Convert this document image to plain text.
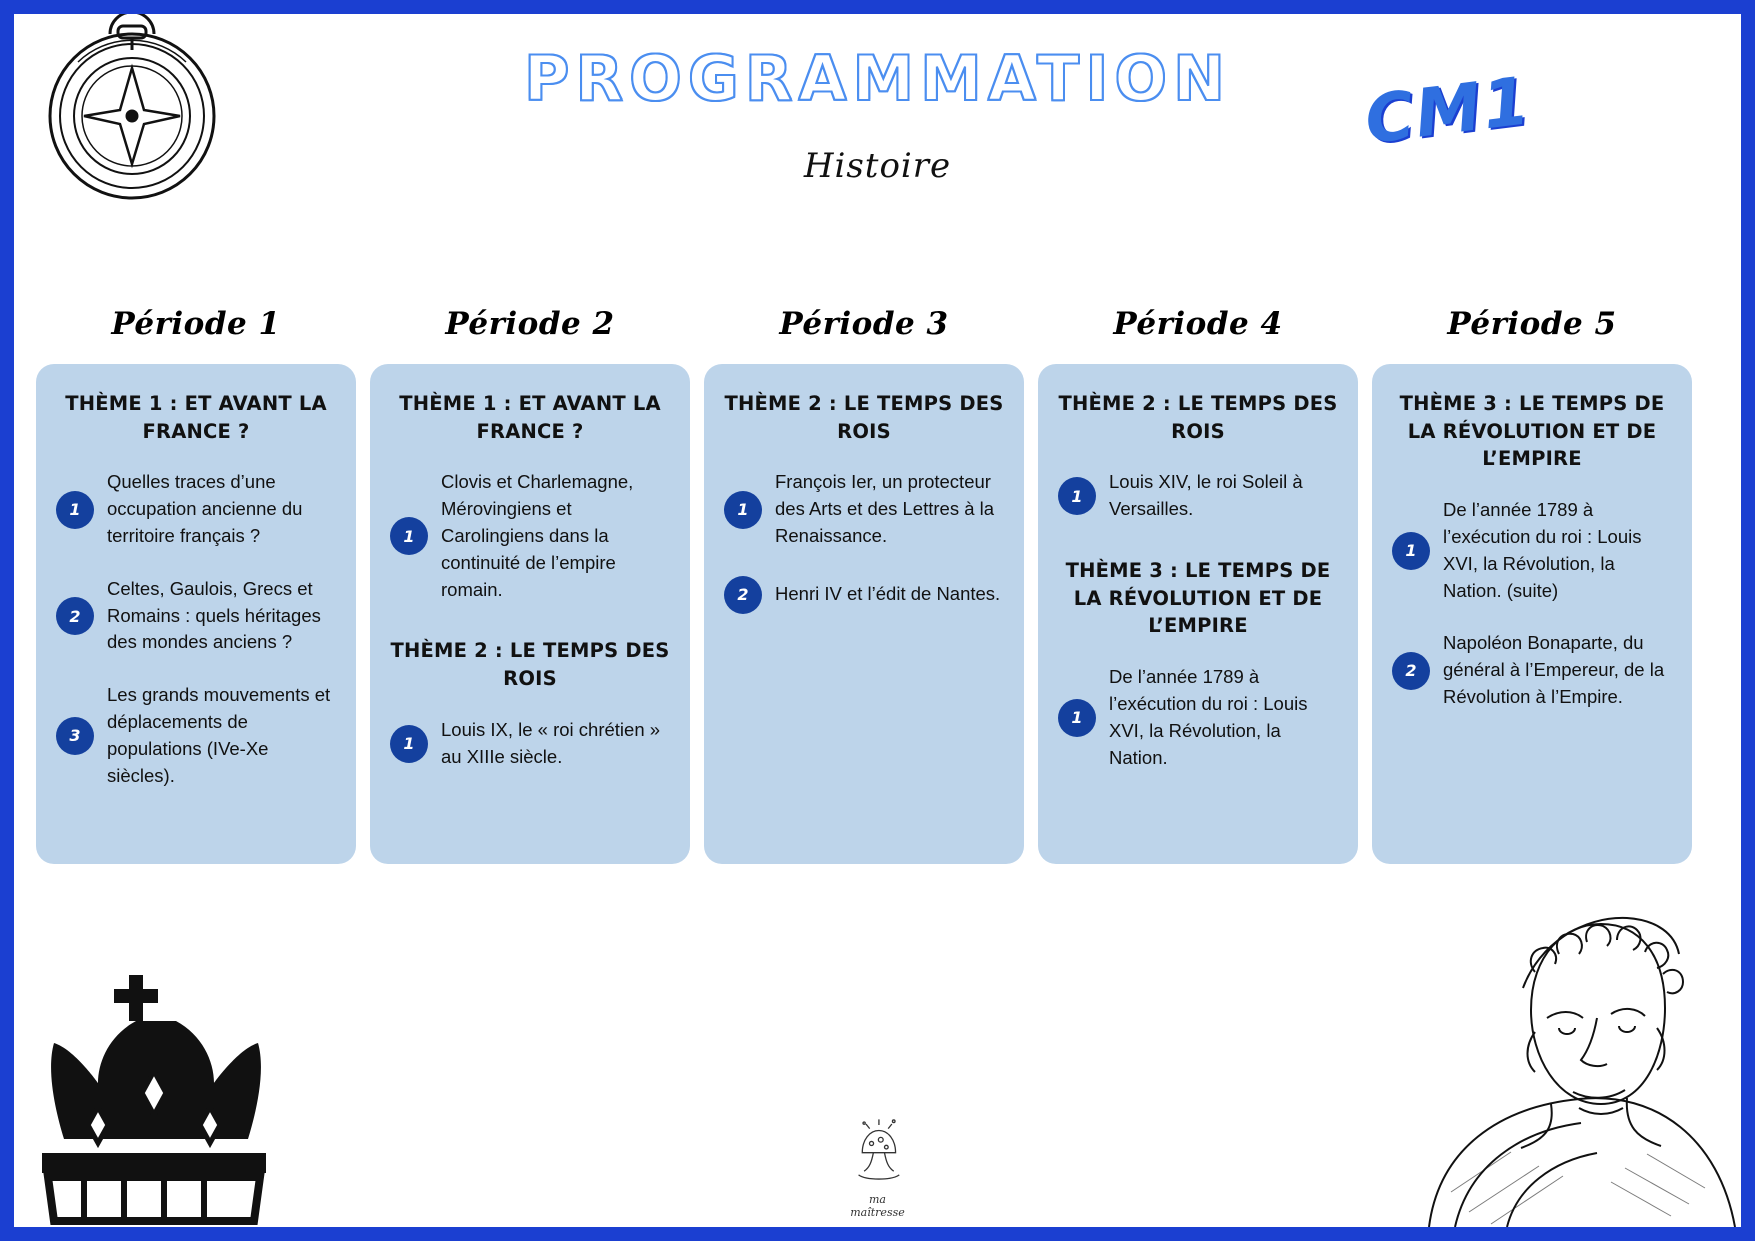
PROGRAMMATION
Histoire
CM1
Période 1
THÈME 1 : ET AVANT LA FRANCE ?
1
Quelles traces d’une occupation ancienne du territoire français ?
2
Celtes, Gaulois, Grecs et Romains : quels héritages des mondes anciens ?
3
Les grands mouvements et déplacements de populations (IVe-Xe siècles).
Période 2
THÈME 1 : ET AVANT LA FRANCE ?
1
Clovis et Charlemagne, Mérovingiens et Carolingiens dans la continuité de l’empire romain.
THÈME 2 : LE TEMPS DES ROIS
1
Louis IX, le « roi chrétien » au XIIIe siècle.
Période 3
THÈME 2 : LE TEMPS DES ROIS
1
François Ier, un protecteur des Arts et des Lettres à la Renaissance.
2	Henri IV et l’édit de Nantes.
Période 4
THÈME 2 : LE TEMPS DES ROIS
1
Louis XIV, le roi Soleil à Versailles.
THÈME 3 : LE TEMPS DE LA RÉVOLUTION ET DE L’EMPIRE
1
De l’année 1789 à l’exécution du roi : Louis XVI, la Révolution, la Nation.
Période 5
THÈME 3 : LE TEMPS DE LA RÉVOLUTION ET DE L’EMPIRE
1
De l’année 1789 à l’exécution du roi : Louis XVI, la Révolution, la Nation. (suite)
2
Napoléon Bonaparte, du général à l’Empereur, de la Révolution à l’Empire.
ma
maîtresse
